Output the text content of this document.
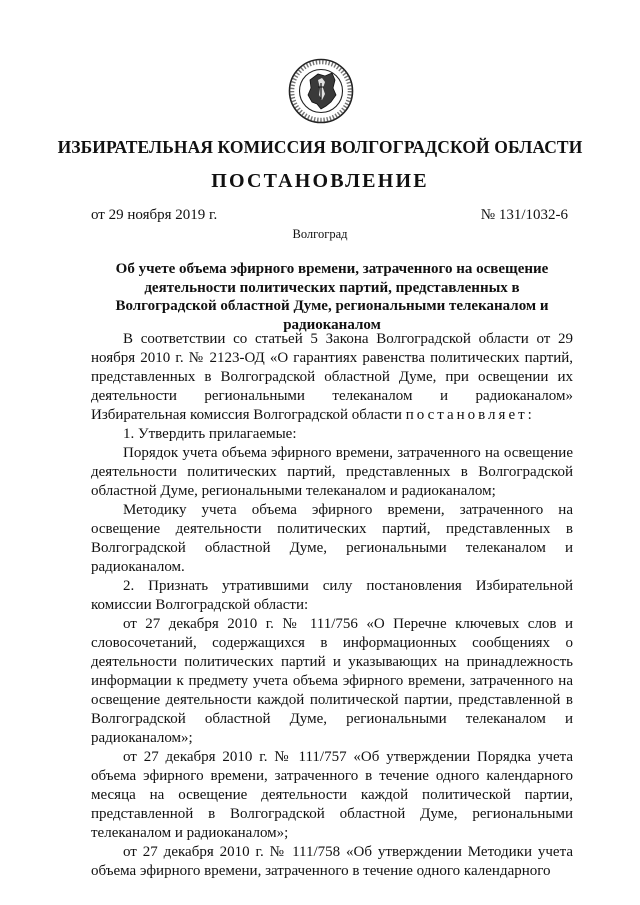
ИЗБИРАТЕЛЬНАЯ КОМИССИЯ ВОЛГОГРАДСКОЙ ОБЛАСТИ
ПОСТАНОВЛЕНИЕ
от 29 ноября 2019 г.	№ 131/1032-6
Волгоград
Об учете объема эфирного времени, затраченного на освещение деятельности политических партий, представленных в Волгоградской областной Думе, региональными телеканалом и радиоканалом

В соответствии со статьей 5 Закона Волгоградской области от 29 ноября 2010 г. № 2123-ОД «О гарантиях равенства политических партий, представленных в Волгоградской областной Думе, при освещении их деятельности региональными телеканалом и радиоканалом» Избирательная комиссия Волгоградской области постановляет:

1. Утвердить прилагаемые:

Порядок учета объема эфирного времени, затраченного на освещение деятельности политических партий, представленных в Волгоградской областной Думе, региональными телеканалом и радиоканалом;

Методику учета объема эфирного времени, затраченного на освещение деятельности политических партий, представленных в Волгоградской областной Думе, региональными телеканалом и радиоканалом.

2. Признать утратившими силу постановления Избирательной комиссии Волгоградской области:

от 27 декабря 2010 г. № 111/756 «О Перечне ключевых слов и словосочетаний, содержащихся в информационных сообщениях о деятельности политических партий и указывающих на принадлежность информации к предмету учета объема эфирного времени, затраченного на освещение деятельности каждой политической партии, представленной в Волгоградской областной Думе, региональными телеканалом и радиоканалом»;

от 27 декабря 2010 г. № 111/757 «Об утверждении Порядка учета объема эфирного времени, затраченного в течение одного календарного месяца на освещение деятельности каждой политической партии, представленной в Волгоградской областной Думе, региональными телеканалом и радиоканалом»;

от 27 декабря 2010 г. № 111/758 «Об утверждении Методики учета объема эфирного времени, затраченного в течение одного календарного
